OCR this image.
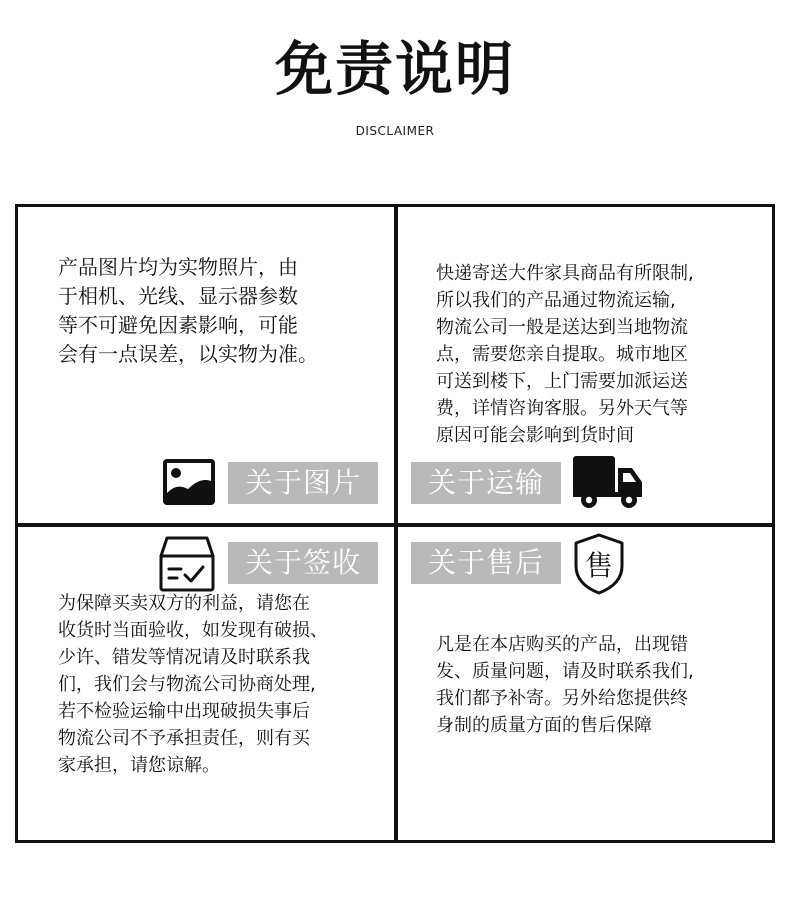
免责说明
DISCLAIMER

产品图片均为实物照片，由
于相机、光线、显示器参数
等不可避免因素影响，可能
会有一点误差，以实物为准。

关于图片

快递寄送大件家具商品有所限制,
所以我们的产品通过物流运输,
物流公司一般是送达到当地物流
点，需要您亲自提取。城市地区
可送到楼下，上门需要加派运送
费，详情咨询客服。另外天气等
原因可能会影响到货时间

关于运输
关于签收

为保障买卖双方的利益，请您在
收货时当面验收，如发现有破损、
少许、错发等情况请及时联系我
们，我们会与物流公司协商处理,
若不检验运输中出现破损失事后
物流公司不予承担责任，则有买
家承担，请您谅解。

关于售后	售

凡是在本店购买的产品，出现错
发、质量问题，请及时联系我们,
我们都予补寄。另外给您提供终
身制的质量方面的售后保障
